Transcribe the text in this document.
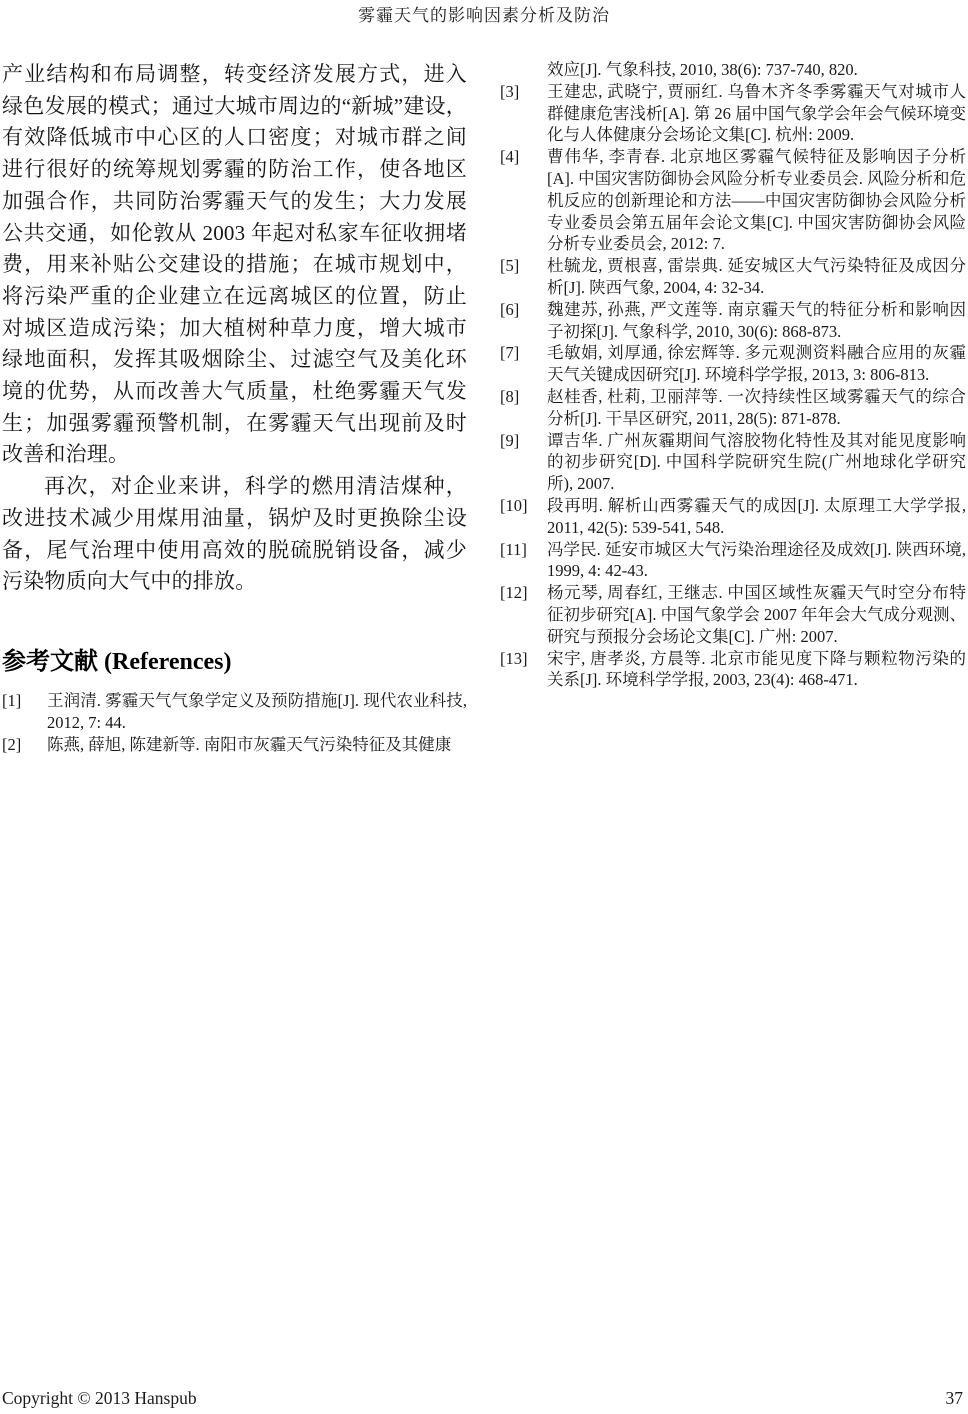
雾霾天气的影响因素分析及防治

产业结构和布局调整，转变经济发展方式，进入绿色发展的模式；通过大城市周边的“新城”建设，有效降低城市中心区的人口密度；对城市群之间进行很好的统筹规划雾霾的防治工作，使各地区加强合作，共同防治雾霾天气的发生；大力发展公共交通，如伦敦从 2003 年起对私家车征收拥堵费，用来补贴公交建设的措施；在城市规划中，将污染严重的企业建立在远离城区的位置，防止对城区造成污染；加大植树种草力度，增大城市绿地面积，发挥其吸烟除尘、过滤空气及美化环境的优势，从而改善大气质量，杜绝雾霾天气发生；加强雾霾预警机制，在雾霾天气出现前及时改善和治理。

再次，对企业来讲，科学的燃用清洁煤种，改进技术减少用煤用油量，锅炉及时更换除尘设备，尾气治理中使用高效的脱硫脱销设备，减少污染物质向大气中的排放。

参考文献 (References)
[1] 王润清. 雾霾天气气象学定义及预防措施[J]. 现代农业科技, 2012, 7: 44.
[2] 陈燕, 薛旭, 陈建新等. 南阳市灰霾天气污染特征及其健康
效应[J]. 气象科技, 2010, 38(6): 737-740, 820.
[3] 王建忠, 武晓宁, 贾丽红. 乌鲁木齐冬季雾霾天气对城市人群健康危害浅析[A]. 第 26 届中国气象学会年会气候环境变化与人体健康分会场论文集[C]. 杭州: 2009.
[4] 曹伟华, 李青春. 北京地区雾霾气候特征及影响因子分析[A]. 中国灾害防御协会风险分析专业委员会. 风险分析和危机反应的创新理论和方法——中国灾害防御协会风险分析专业委员会第五届年会论文集[C]. 中国灾害防御协会风险分析专业委员会, 2012: 7.
[5] 杜毓龙, 贾根喜, 雷崇典. 延安城区大气污染特征及成因分析[J]. 陕西气象, 2004, 4: 32-34.
[6] 魏建苏, 孙燕, 严文莲等. 南京霾天气的特征分析和影响因子初探[J]. 气象科学, 2010, 30(6): 868-873.
[7] 毛敏娟, 刘厚通, 徐宏辉等. 多元观测资料融合应用的灰霾天气关键成因研究[J]. 环境科学学报, 2013, 3: 806-813.
[8] 赵桂香, 杜莉, 卫丽萍等. 一次持续性区域雾霾天气的综合分析[J]. 干旱区研究, 2011, 28(5): 871-878.
[9] 谭吉华. 广州灰霾期间气溶胶物化特性及其对能见度影响的初步研究[D]. 中国科学院研究生院(广州地球化学研究所), 2007.
[10] 段再明. 解析山西雾霾天气的成因[J]. 太原理工大学学报, 2011, 42(5): 539-541, 548.
[11] 冯学民. 延安市城区大气污染治理途径及成效[J]. 陕西环境, 1999, 4: 42-43.
[12] 杨元琴, 周春红, 王继志. 中国区域性灰霾天气时空分布特征初步研究[A]. 中国气象学会 2007 年年会大气成分观测、研究与预报分会场论文集[C]. 广州: 2007.
[13] 宋宇, 唐孝炎, 方晨等. 北京市能见度下降与颗粒物污染的关系[J]. 环境科学学报, 2003, 23(4): 468-471.
Copyright © 2013 Hanspub	37
